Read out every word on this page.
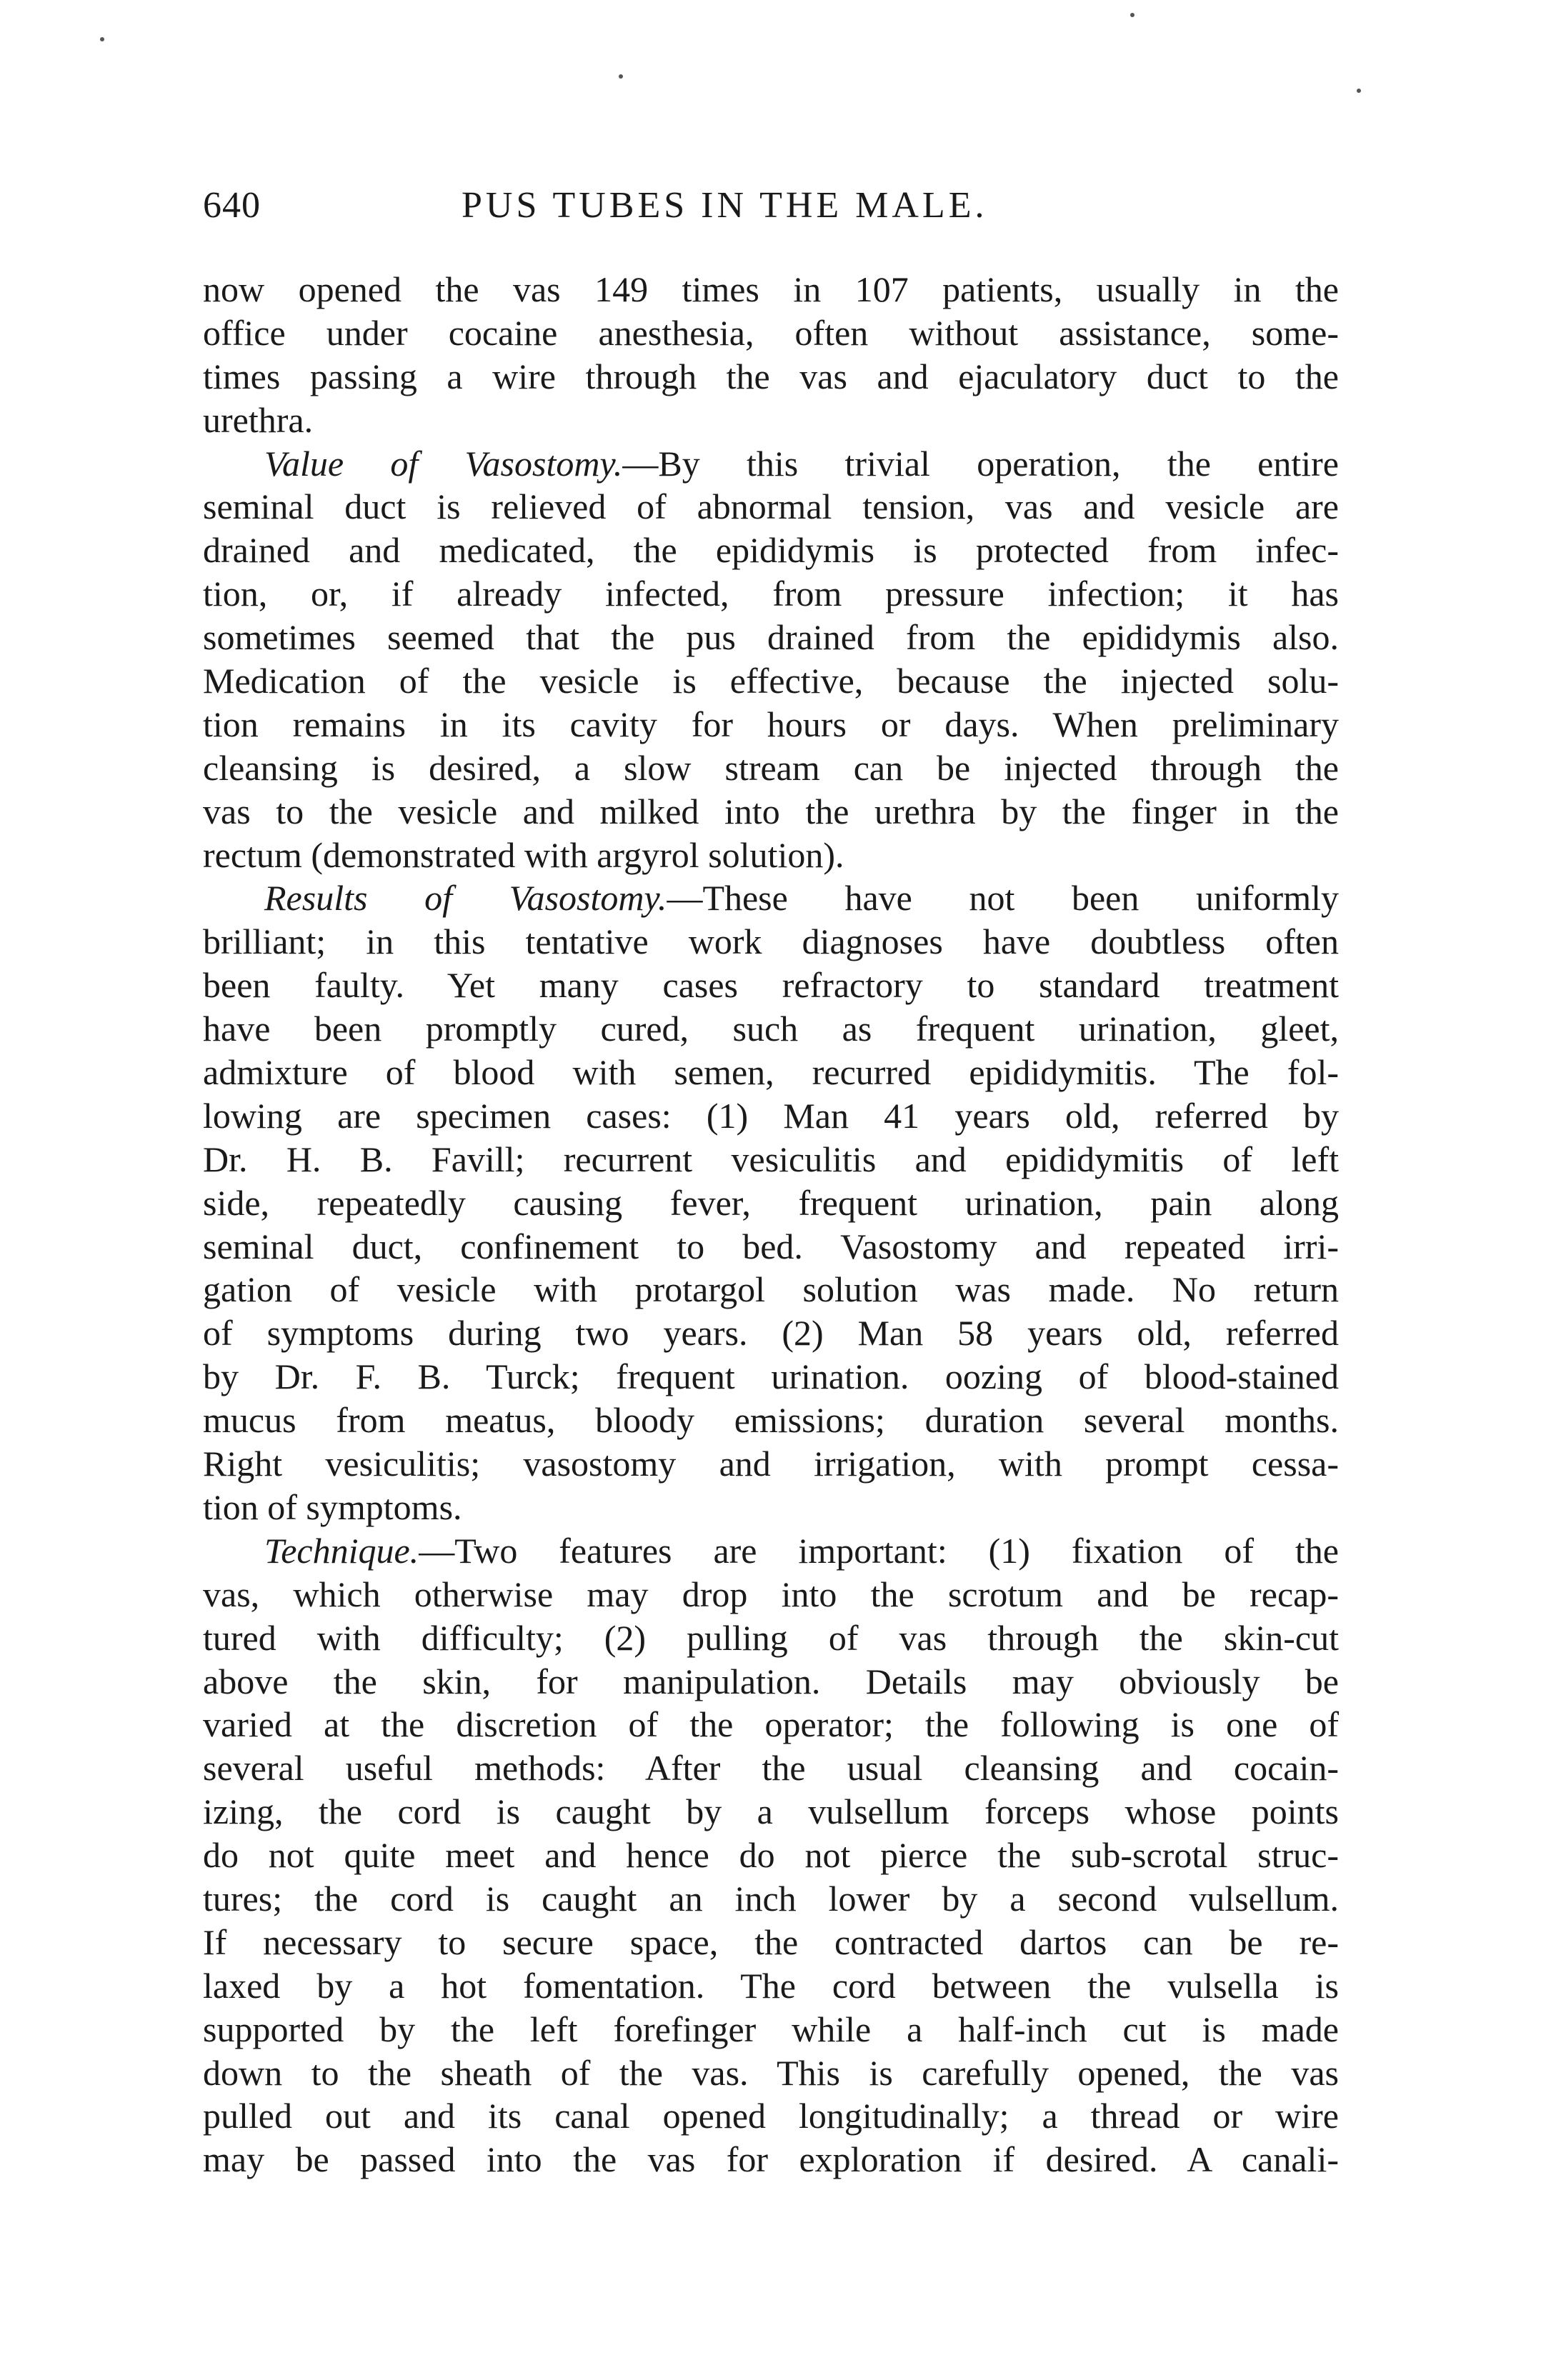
640	PUS TUBES IN THE MALE.
now opened the vas 149 times in 107 patients, usually in the
office under cocaine anesthesia, often without assistance, some-
times passing a wire through the vas and ejaculatory duct to the
urethra.
Value of Vasostomy.—By this trivial operation, the entire
seminal duct is relieved of abnormal tension, vas and vesicle are
drained and medicated, the epididymis is protected from infec-
tion, or, if already infected, from pressure infection; it has
sometimes seemed that the pus drained from the epididymis also.
Medication of the vesicle is effective, because the injected solu-
tion remains in its cavity for hours or days. When preliminary
cleansing is desired, a slow stream can be injected through the
vas to the vesicle and milked into the urethra by the finger in the
rectum (demonstrated with argyrol solution).
Results of Vasostomy.—These have not been uniformly
brilliant; in this tentative work diagnoses have doubtless often
been faulty. Yet many cases refractory to standard treatment
have been promptly cured, such as frequent urination, gleet,
admixture of blood with semen, recurred epididymitis. The fol-
lowing are specimen cases: (1) Man 41 years old, referred by
Dr. H. B. Favill; recurrent vesiculitis and epididymitis of left
side, repeatedly causing fever, frequent urination, pain along
seminal duct, confinement to bed. Vasostomy and repeated irri-
gation of vesicle with protargol solution was made. No return
of symptoms during two years. (2) Man 58 years old, referred
by Dr. F. B. Turck; frequent urination. oozing of blood-stained
mucus from meatus, bloody emissions; duration several months.
Right vesiculitis; vasostomy and irrigation, with prompt cessa-
tion of symptoms.
Technique.—Two features are important: (1) fixation of the
vas, which otherwise may drop into the scrotum and be recap-
tured with difficulty; (2) pulling of vas through the skin-cut
above the skin, for manipulation. Details may obviously be
varied at the discretion of the operator; the following is one of
several useful methods: After the usual cleansing and cocain-
izing, the cord is caught by a vulsellum forceps whose points
do not quite meet and hence do not pierce the sub-scrotal struc-
tures; the cord is caught an inch lower by a second vulsellum.
If necessary to secure space, the contracted dartos can be re-
laxed by a hot fomentation. The cord between the vulsella is
supported by the left forefinger while a half-inch cut is made
down to the sheath of the vas. This is carefully opened, the vas
pulled out and its canal opened longitudinally; a thread or wire
may be passed into the vas for exploration if desired. A canali-
